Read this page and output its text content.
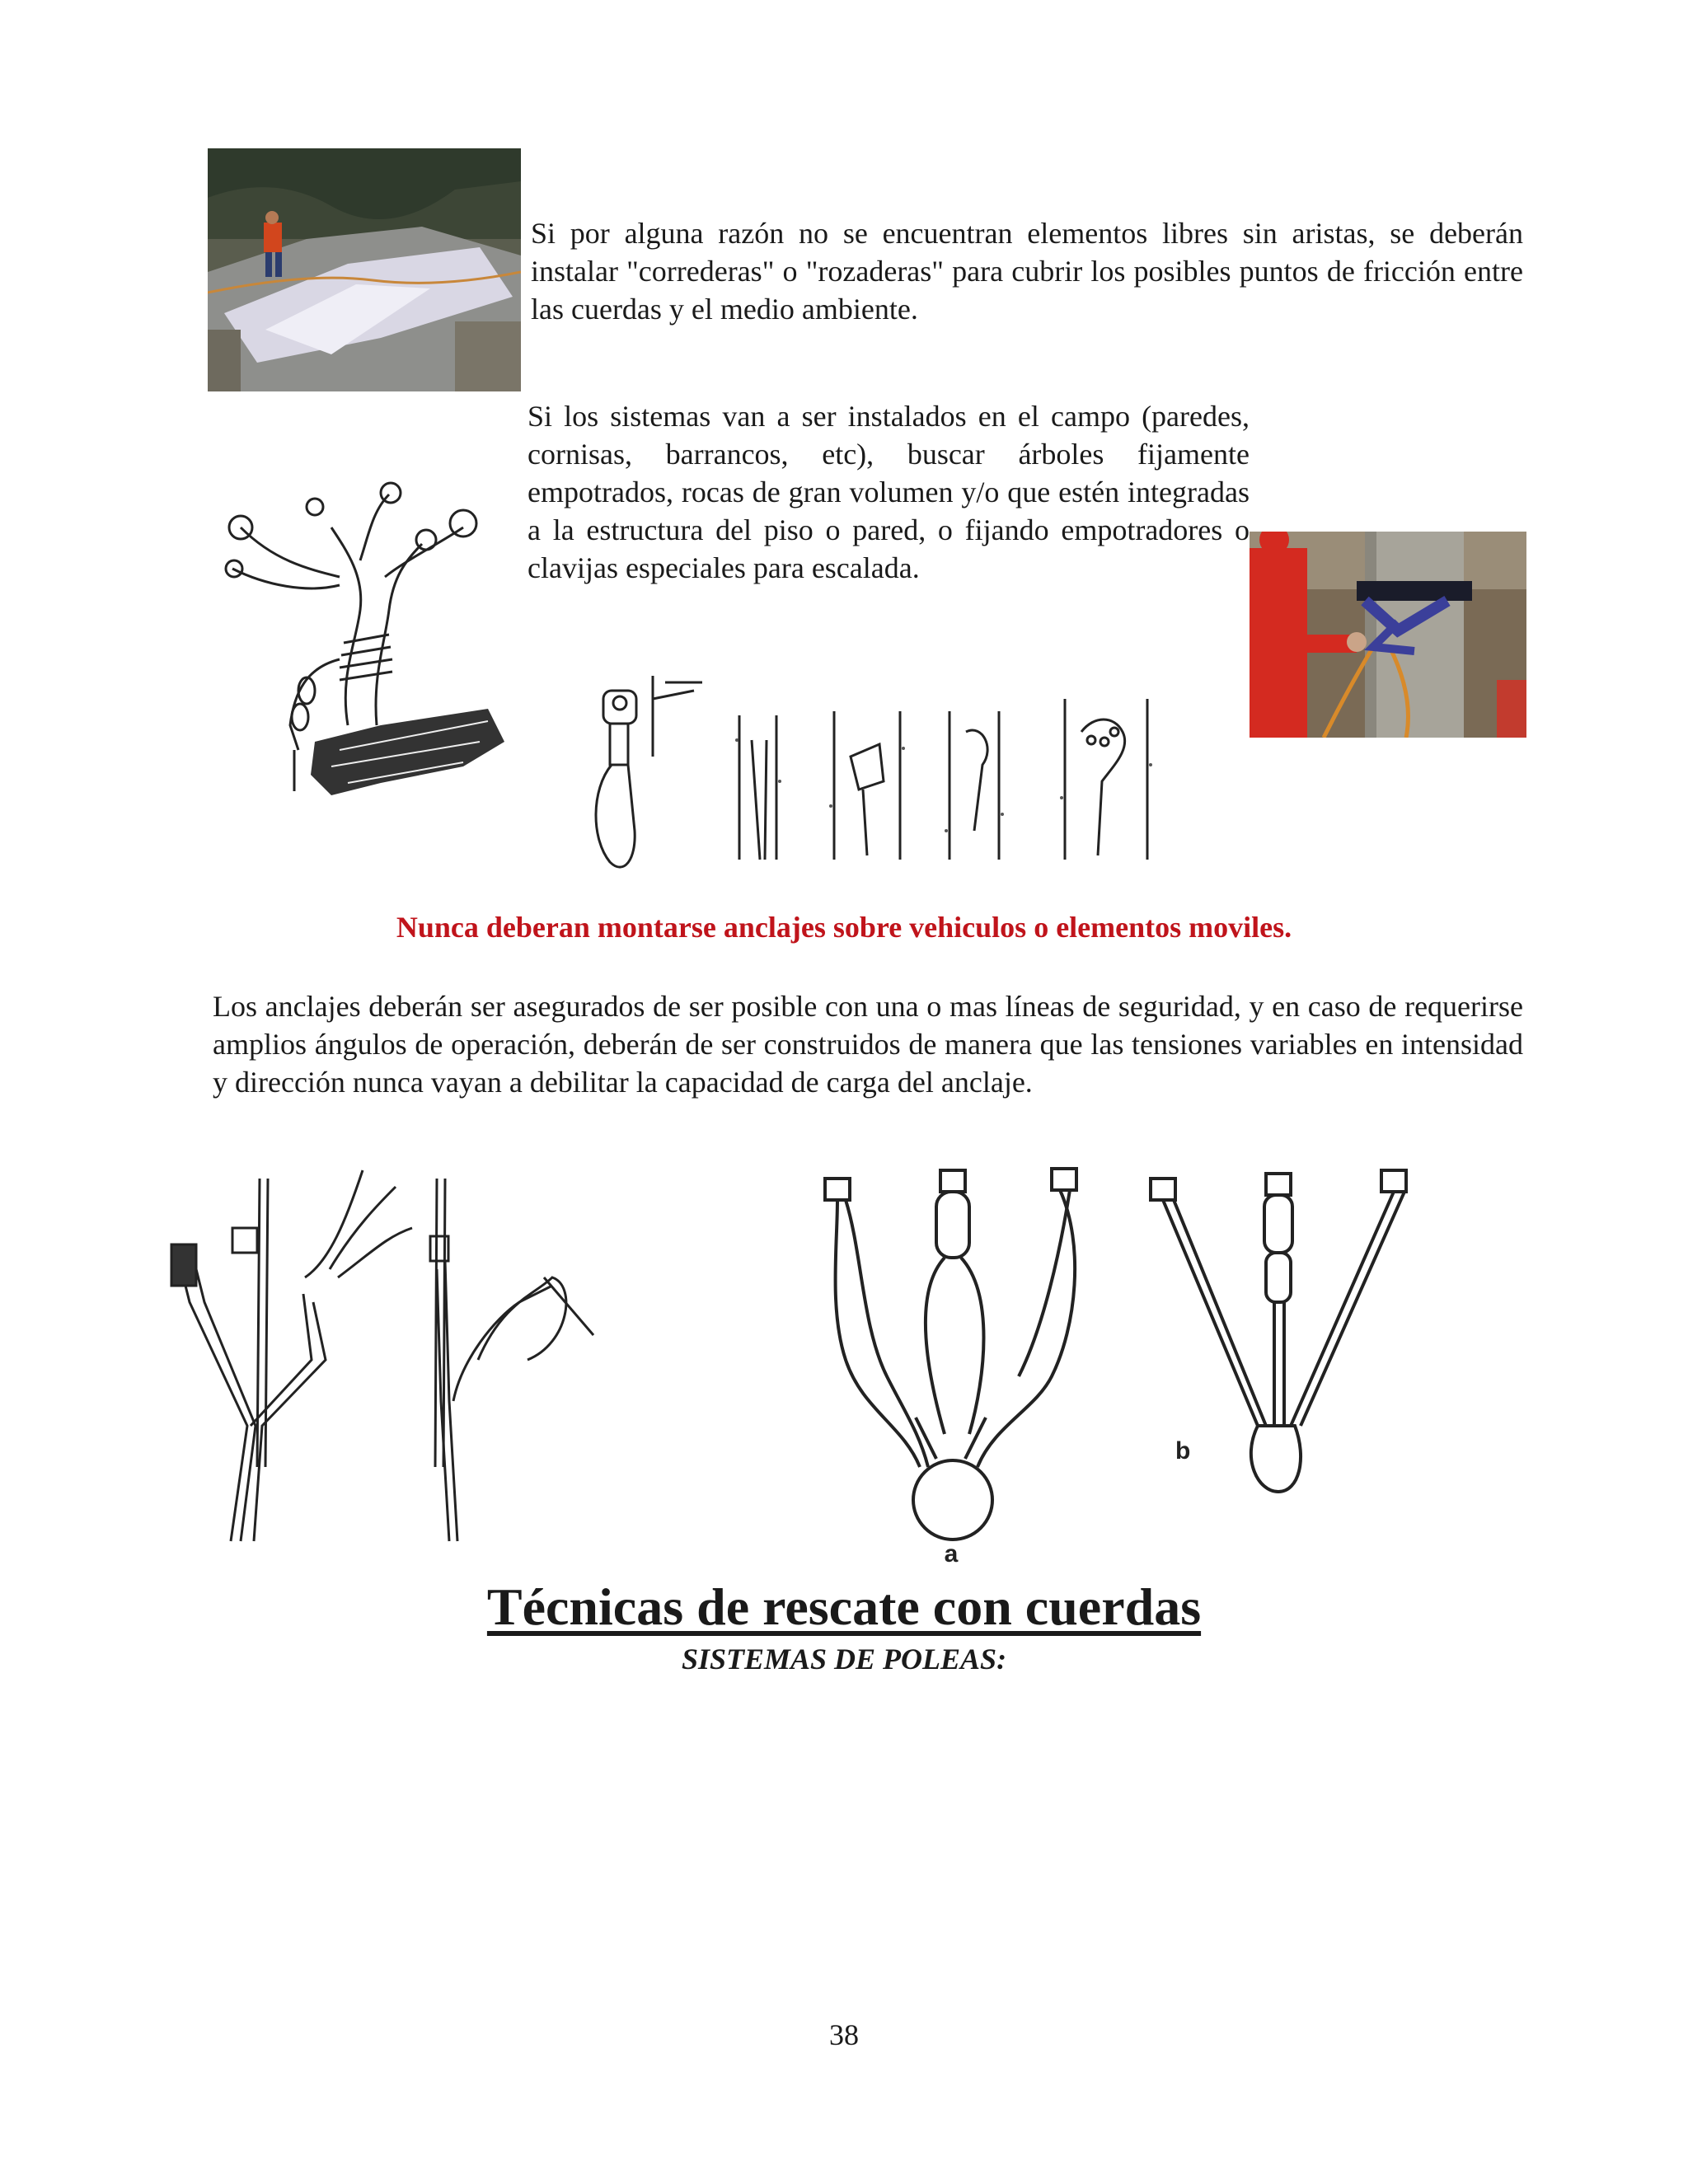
Si por alguna razón no se encuentran elementos libres sin aristas, se deberán instalar "correderas" o "rozaderas" para cubrir los posibles puntos de fricción entre las cuerdas y el medio ambiente.
Si los sistemas van a ser instalados en el campo (paredes, cornisas, barrancos, etc), buscar árboles fijamente empotrados, rocas de gran volumen y/o que estén integradas a la estructura del piso o pared, o fijando empotradores o clavijas especiales para escalada.
Nunca deberan montarse anclajes sobre vehiculos o elementos moviles.
Los anclajes deberán ser asegurados de ser posible con una o mas líneas de seguridad, y en caso de requerirse amplios ángulos de operación, deberán de ser construidos de manera que las tensiones variables en intensidad y dirección nunca vayan a debilitar la capacidad de carga del anclaje.
a
b
Técnicas de rescate con cuerdas
SISTEMAS DE POLEAS:
38
